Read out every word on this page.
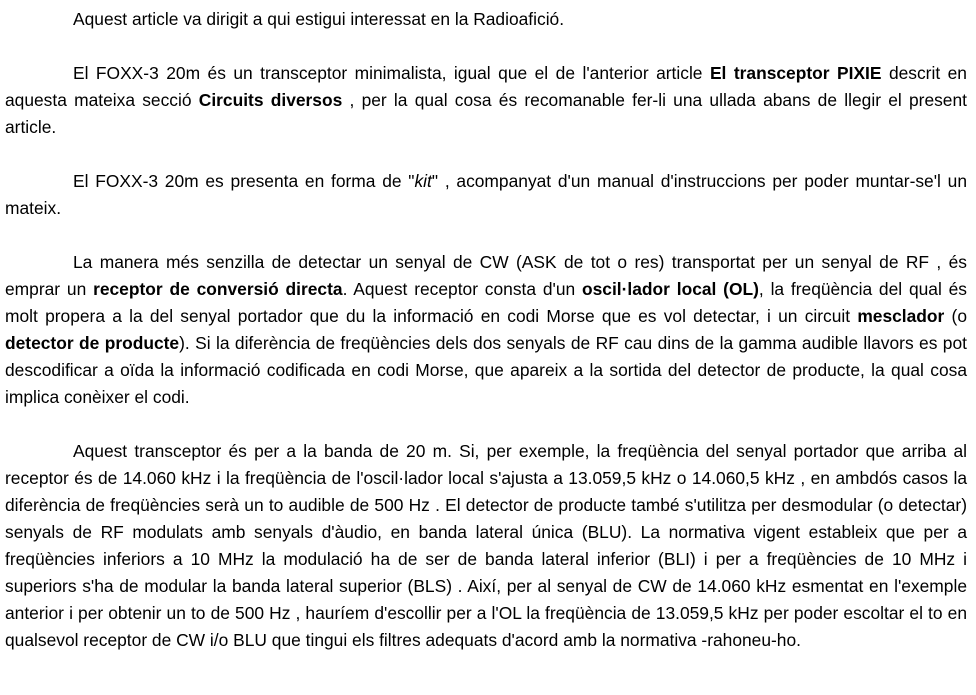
Aquest article va dirigit a qui estigui interessat en la Radioafició.

El FOXX-3 20m és un transceptor minimalista, igual que el de l'anterior article El transceptor PIXIE descrit en aquesta mateixa secció Circuits diversos , per la qual cosa és recomanable fer-li una ullada abans de llegir el present article.

El FOXX-3 20m es presenta en forma de "kit" , acompanyat d'un manual d'instruccions per poder muntar-se'l un mateix.

La manera més senzilla de detectar un senyal de CW (ASK de tot o res) transportat per un senyal de RF , és emprar un receptor de conversió directa. Aquest receptor consta d'un oscil·lador local (OL), la freqüència del qual és molt propera a la del senyal portador que du la informació en codi Morse que es vol detectar, i un circuit mesclador (o detector de producte). Si la diferència de freqüències dels dos senyals de RF cau dins de la gamma audible llavors es pot descodificar a oïda la informació codificada en codi Morse, que apareix a la sortida del detector de producte, la qual cosa implica conèixer el codi.

Aquest transceptor és per a la banda de 20 m. Si, per exemple, la freqüència del senyal portador que arriba al receptor és de 14.060 kHz i la freqüència de l'oscil·lador local s'ajusta a 13.059,5 kHz o 14.060,5 kHz , en ambdós casos la diferència de freqüències serà un to audible de 500 Hz . El detector de producte també s'utilitza per desmodular (o detectar) senyals de RF modulats amb senyals d'àudio, en banda lateral única (BLU). La normativa vigent estableix que per a freqüències inferiors a 10 MHz la modulació ha de ser de banda lateral inferior (BLI) i per a freqüències de 10 MHz i superiors s'ha de modular la banda lateral superior (BLS) . Així, per al senyal de CW de 14.060 kHz esmentat en l'exemple anterior i per obtenir un to de 500 Hz , hauríem d'escollir per a l'OL la freqüència de 13.059,5 kHz per poder escoltar el to en qualsevol receptor de CW i/o BLU que tingui els filtres adequats d'acord amb la normativa -rahoneu-ho.
